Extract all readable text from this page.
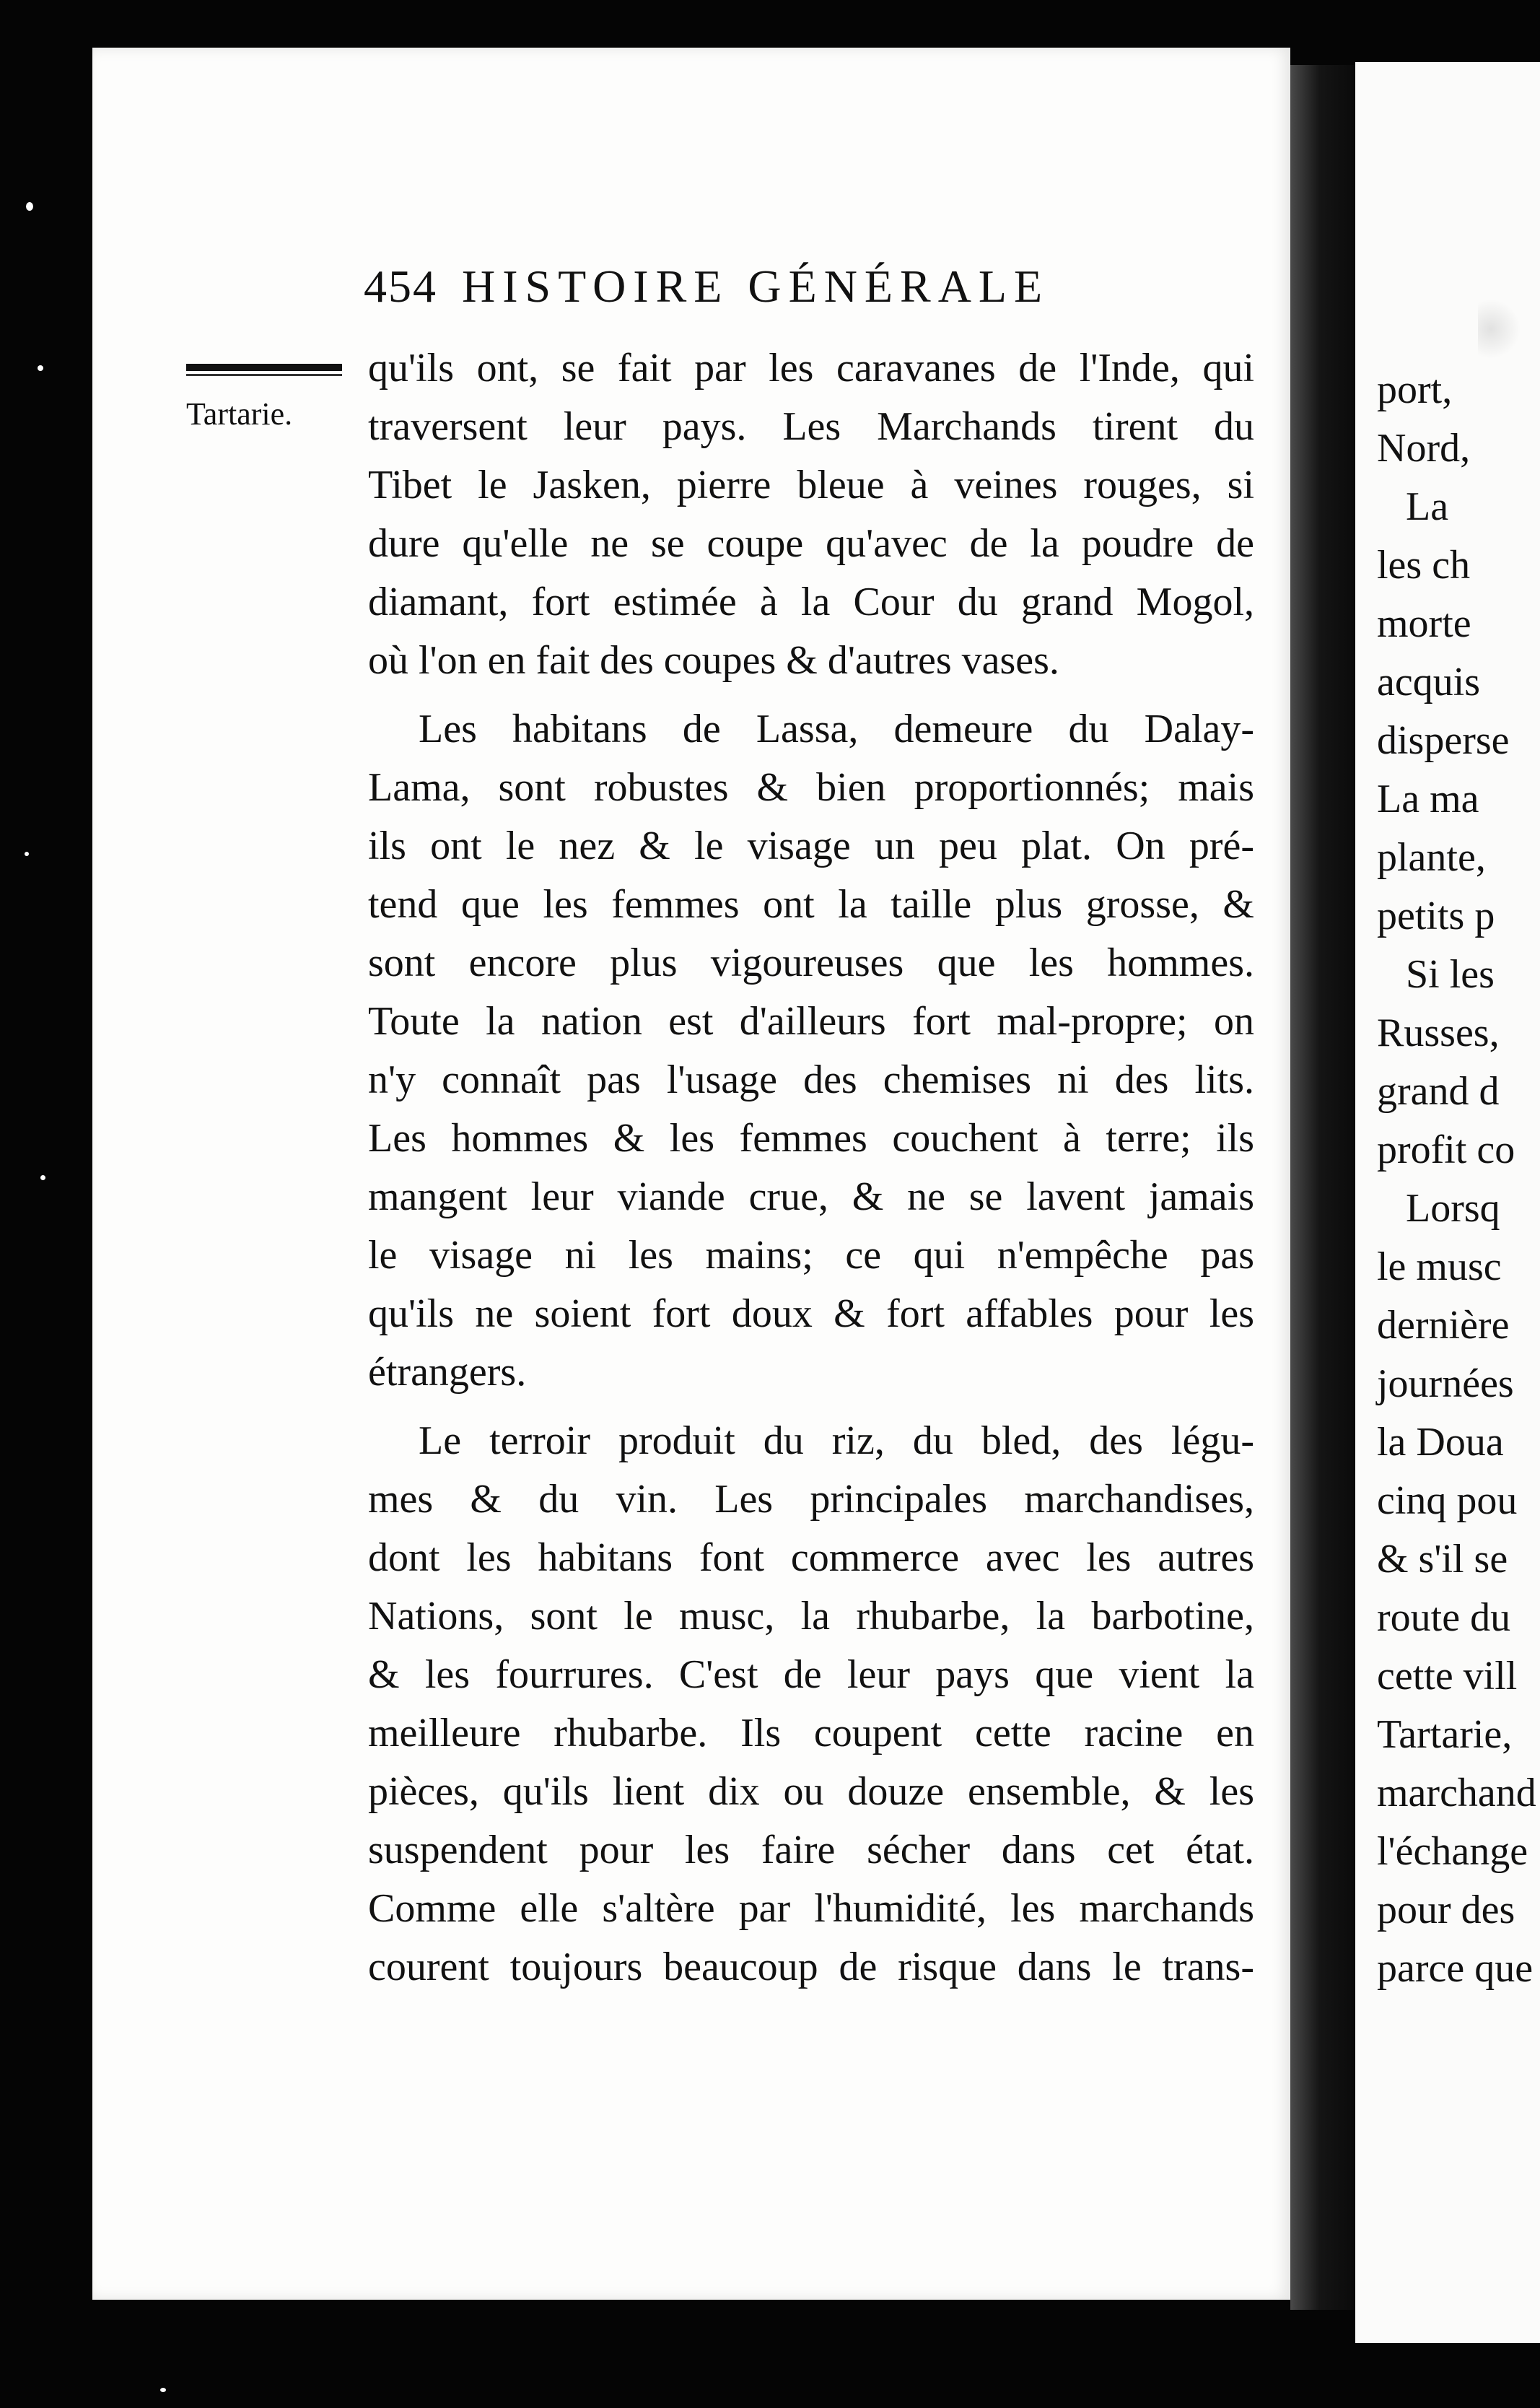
port,
Nord,
La
les ch
morte
acquis
disperse
La ma
plante,
petits p
Si les
Russes,
grand d
profit co
Lorsq
le musc
dernière
journées
la Doua
cinq pou
& s'il se
route du
cette vill
Tartarie,
marchand
l'échange
pour des
parce que
454 HISTOIRE GÉNÉRALE
Tartarie.
qu'ils ont, se fait par les caravanes de l'Inde, qui
traversent leur pays. Les Marchands tirent du
Tibet le Jasken, pierre bleue à veines rouges, si
dure qu'elle ne se coupe qu'avec de la poudre de
diamant, fort estimée à la Cour du grand Mogol,
où l'on en fait des coupes & d'autres vases.
Les habitans de Lassa, demeure du Dalay-
Lama, sont robustes & bien proportionnés; mais
ils ont le nez & le visage un peu plat. On pré-
tend que les femmes ont la taille plus grosse, &
sont encore plus vigoureuses que les hommes.
Toute la nation est d'ailleurs fort mal-propre; on
n'y connaît pas l'usage des chemises ni des lits.
Les hommes & les femmes couchent à terre; ils
mangent leur viande crue, & ne se lavent jamais
le visage ni les mains; ce qui n'empêche pas
qu'ils ne soient fort doux & fort affables pour les
étrangers.
Le terroir produit du riz, du bled, des légu-
mes & du vin. Les principales marchandises,
dont les habitans font commerce avec les autres
Nations, sont le musc, la rhubarbe, la barbotine,
& les fourrures. C'est de leur pays que vient la
meilleure rhubarbe. Ils coupent cette racine en
pièces, qu'ils lient dix ou douze ensemble, & les
suspendent pour les faire sécher dans cet état.
Comme elle s'altère par l'humidité, les marchands
courent toujours beaucoup de risque dans le trans-
